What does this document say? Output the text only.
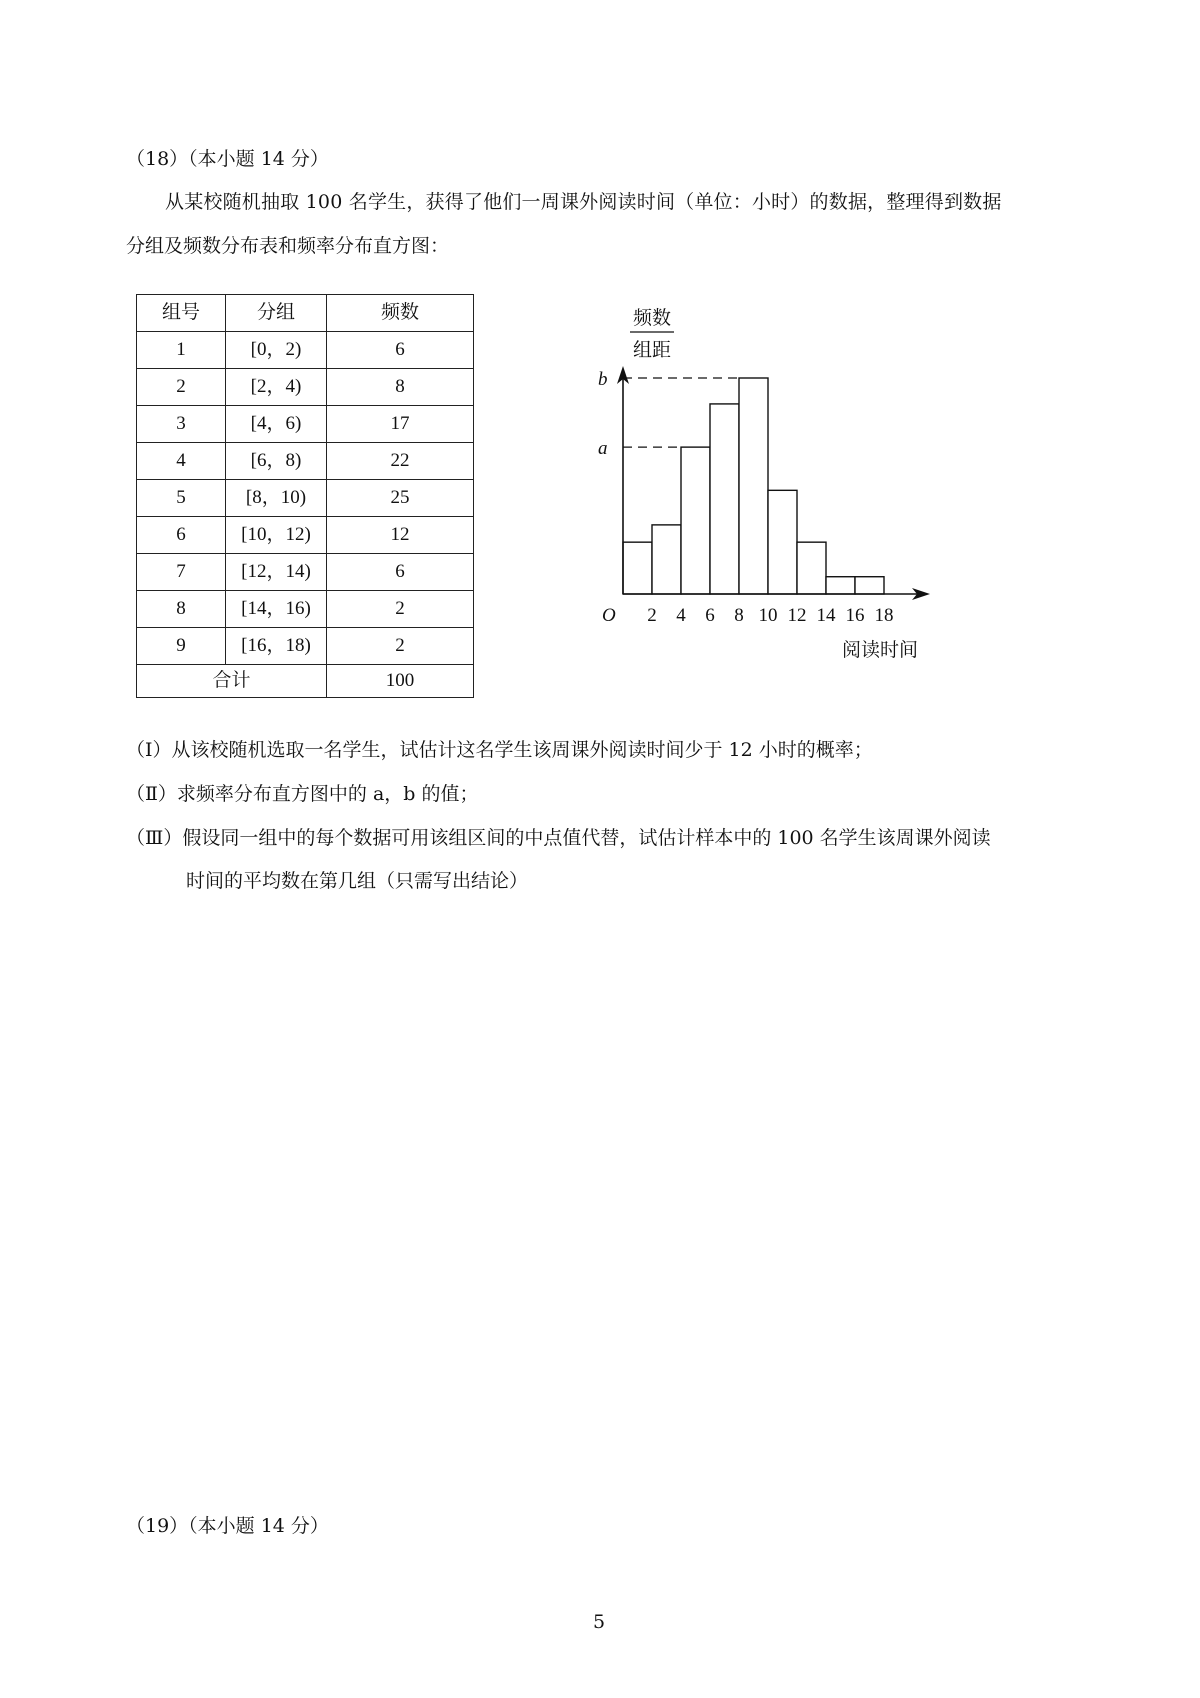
（18）（本小题 14 分）
从某校随机抽取 100 名学生，获得了他们一周课外阅读时间（单位：小时）的数据，整理得到数据
分组及频数分布表和频率分布直方图：
组号	分组	频数
1	[0，2)	6
2	[2，4)	8
3	[4，6)	17
4	[6，8)	22
5	[8，10)	25
6	[10，12)	12
7	[12，14)	6
8	[14，16)	2
9	[16，18)	2
合计		100
频数
组距
O 2 4 6 8 10 12 14 16 18
b
a
阅读时间
（Ⅰ）从该校随机选取一名学生，试估计这名学生该周课外阅读时间少于 12 小时的概率；
（Ⅱ）求频率分布直方图中的 a，b 的值；
（Ⅲ）假设同一组中的每个数据可用该组区间的中点值代替，试估计样本中的 100 名学生该周课外阅读
时间的平均数在第几组（只需写出结论）
（19）（本小题 14 分）
5
